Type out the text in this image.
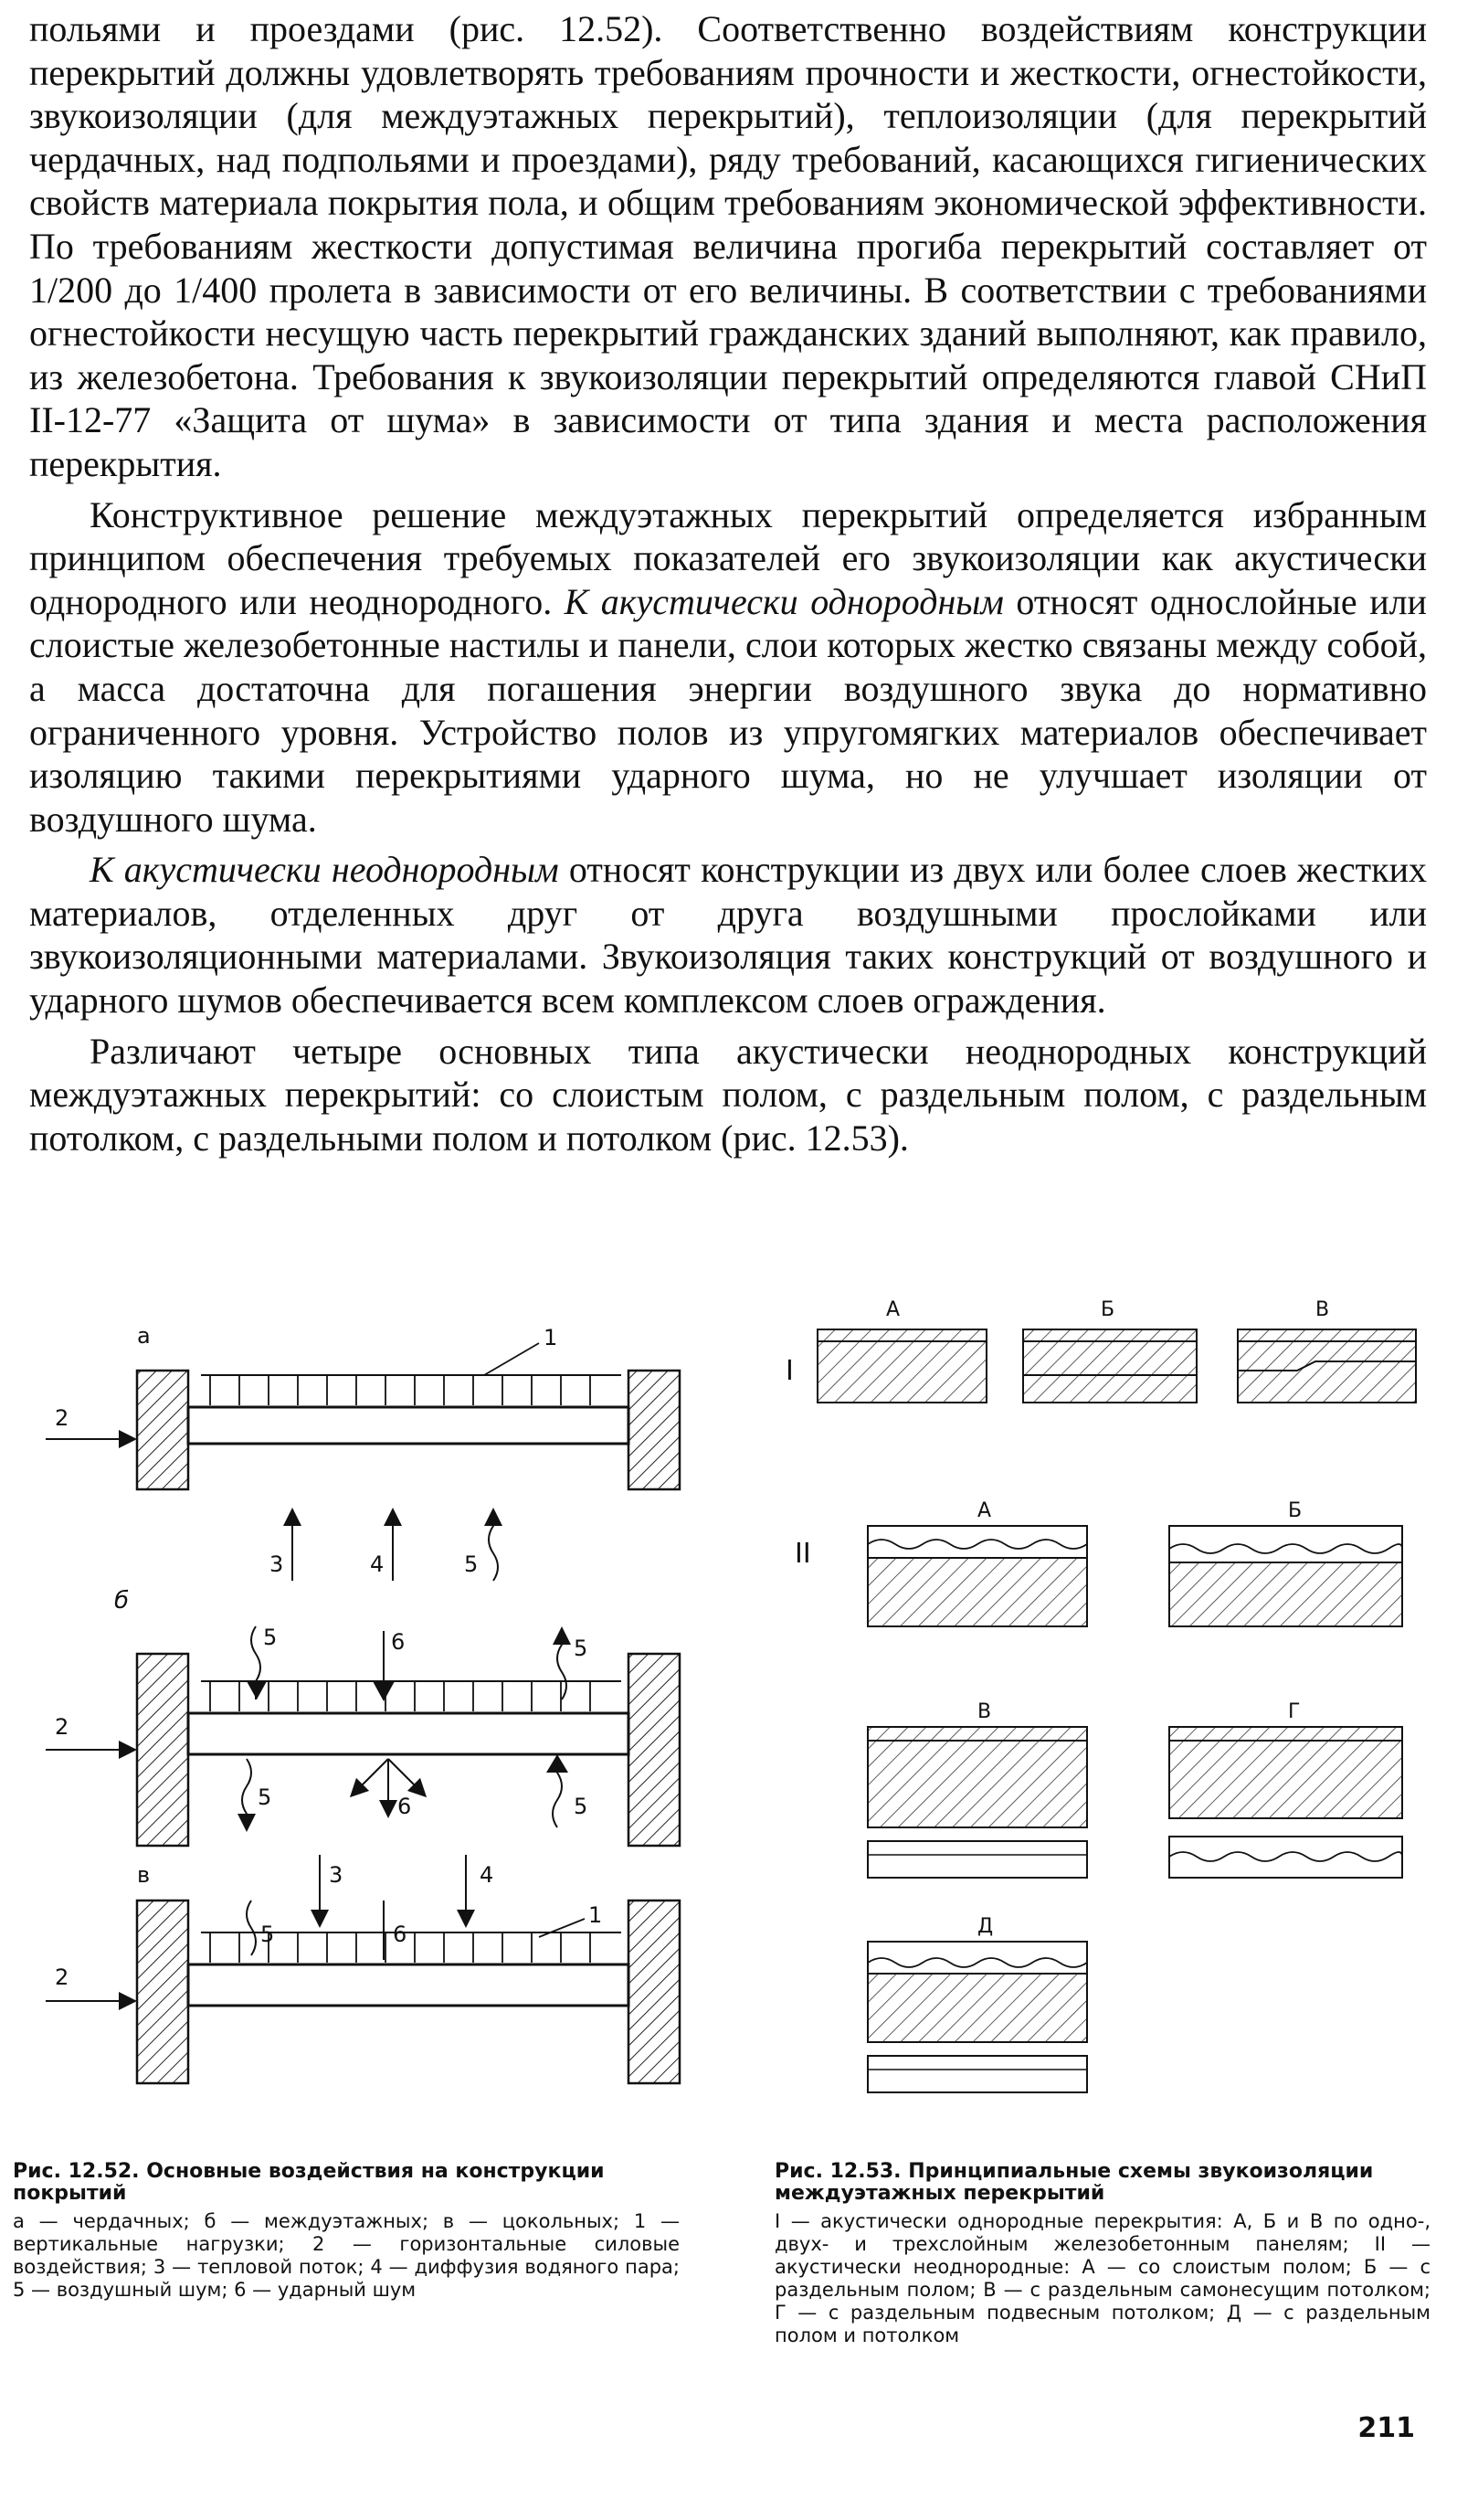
польями и проездами (рис. 12.52). Соответственно воздействиям конструкции перекрытий должны удовлетворять требованиям прочности и жесткости, огнестойкости, звукоизоляции (для междуэтажных перекрытий), теплоизоляции (для перекрытий чердачных, над подпольями и проездами), ряду требований, касающихся гигиенических свойств материала покрытия пола, и общим требованиям экономической эффективности. По требованиям жесткости допустимая величина прогиба перекрытий составляет от 1/200 до 1/400 пролета в зависимости от его величины. В соответствии с требованиями огнестойкости несущую часть перекрытий гражданских зданий выполняют, как правило, из железобетона. Требования к звукоизоляции перекрытий определяются главой СНиП II-12-77 «Защита от шума» в зависимости от типа здания и места расположения перекрытия.

Конструктивное решение междуэтажных перекрытий определяется избранным принципом обеспечения требуемых показателей его звукоизоляции как акустически однородного или неоднородного. К акустически однородным относят однослойные или слоистые железобетонные настилы и панели, слои которых жестко связаны между собой, а масса достаточна для погашения энергии воздушного звука до нормативно ограниченного уровня. Устройство полов из упругомягких материалов обеспечивает изоляцию такими перекрытиями ударного шума, но не улучшает изоляции от воздушного шума.

К акустически неоднородным относят конструкции из двух или более слоев жестких материалов, отделенных друг от друга воздушными прослойками или звукоизоляционными материалами. Звукоизоляция таких конструкций от воздушного и ударного шумов обеспечивается всем комплексом слоев ограждения.

Различают четыре основных типа акустически неоднородных конструкций междуэтажных перекрытий: со слоистым полом, с раздельным полом, с раздельным потолком, с раздельными полом и потолком (рис. 12.53).

а	1
2
3	4	5
б
2
5	6	5
5	6	5
в
2
3	4
5	6
1
I
А	Б	В
II
А	Б
В	Г
Д

Рис. 12.52. Основные воздействия на конструкции покрытий

а — чердачных; б — междуэтажных; в — цокольных; 1 — вертикальные нагрузки; 2 — горизонтальные силовые воздействия; 3 — тепловой поток; 4 — диффузия водяного пара; 5 — воздушный шум; 6 — ударный шум

Рис. 12.53. Принципиальные схемы звукоизоляции междуэтажных перекрытий

I — акустически однородные перекрытия: А, Б и В по одно-, двух- и трехслойным железобетонным панелям; II — акустически неоднородные: А — со слоистым полом; Б — с раздельным полом; В — с раздельным самонесущим потолком; Г — с раздельным подвесным потолком; Д — с раздельным полом и потолком

211
